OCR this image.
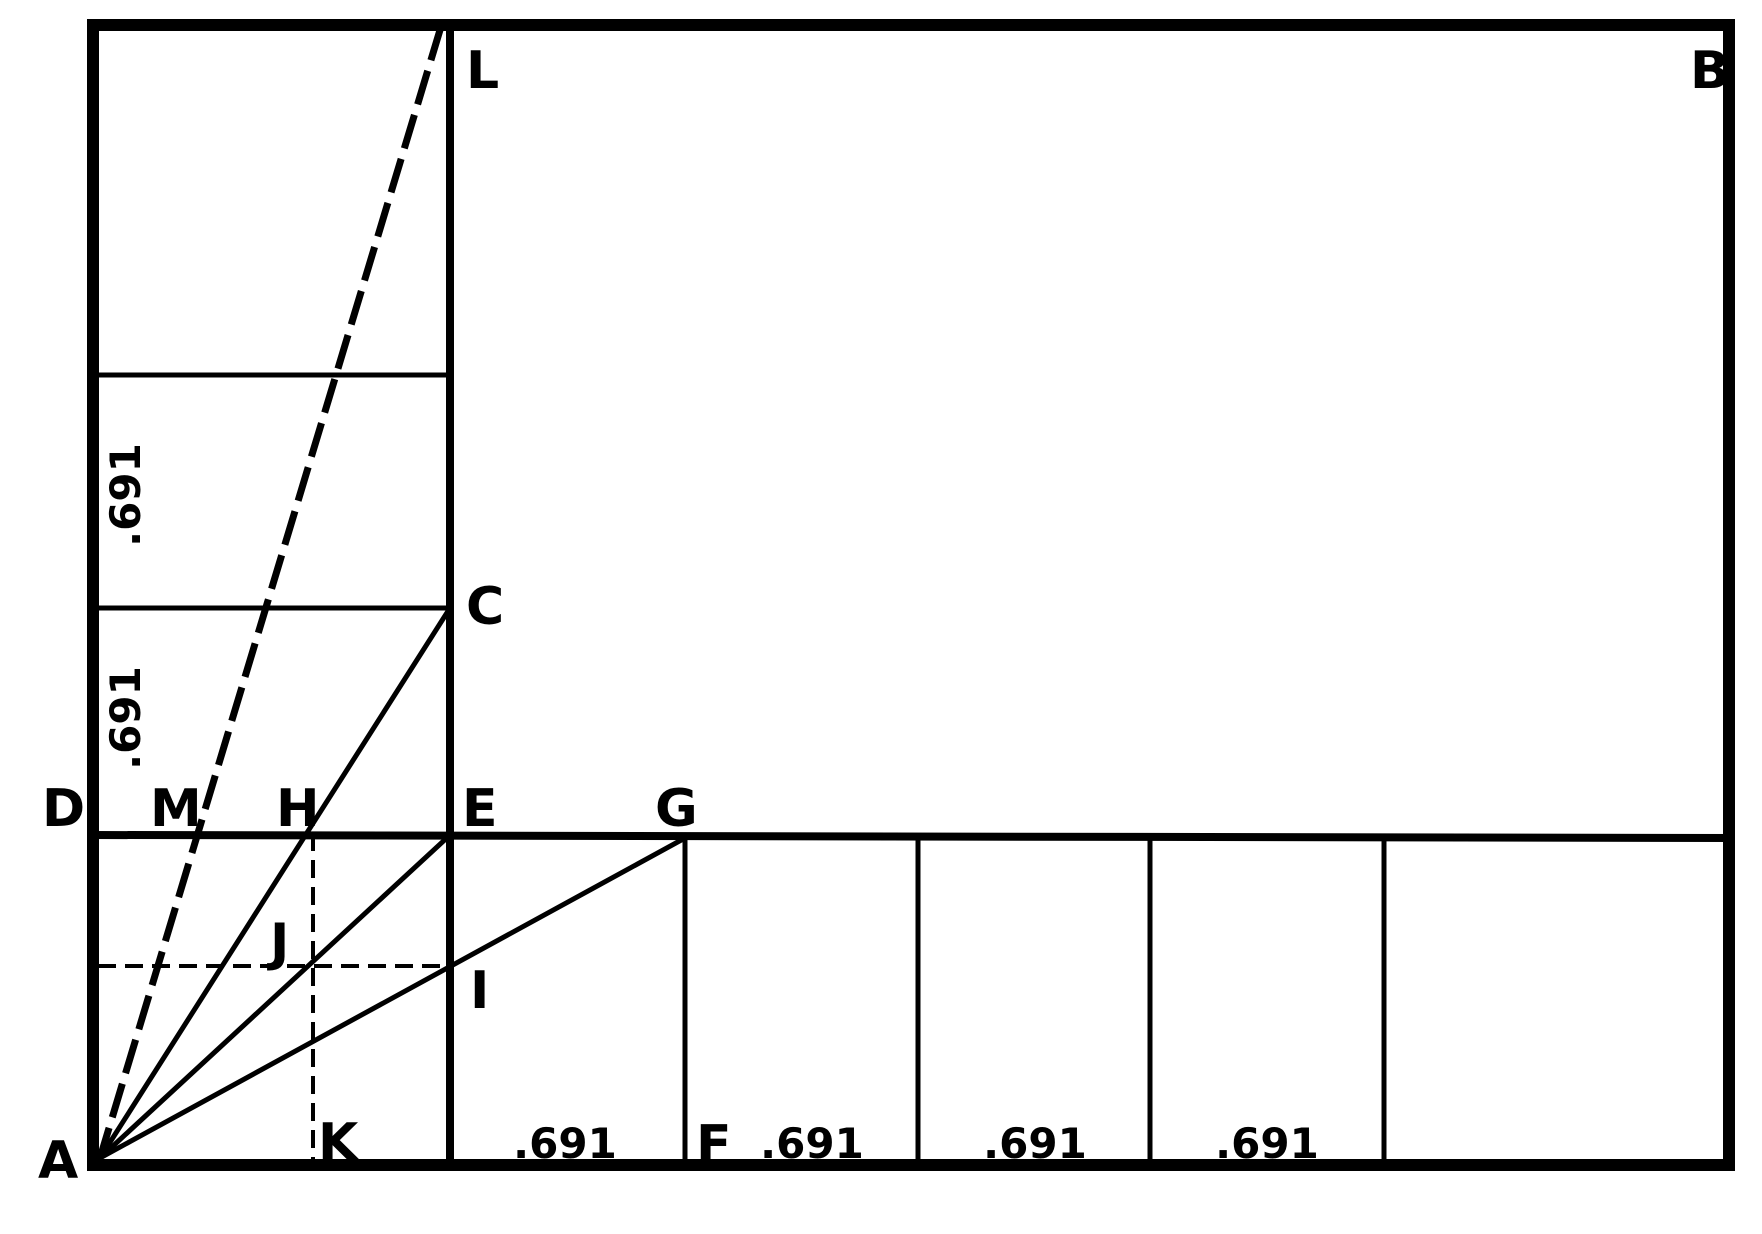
A
B
C
D	E
F
G
H
I
J
K
L
M
.691	.691	.691	.691
.691
.691
